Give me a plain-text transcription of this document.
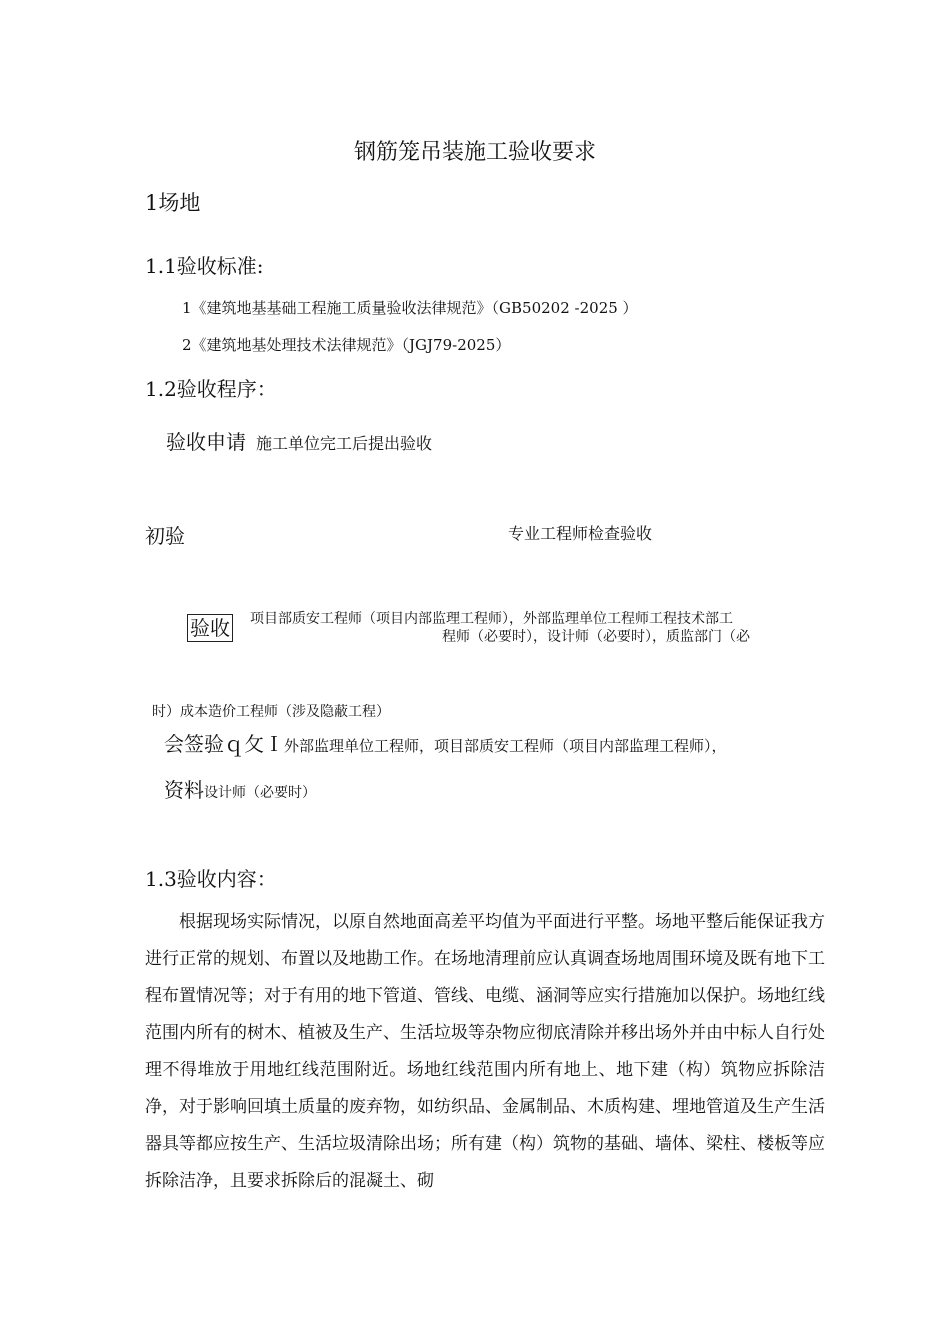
钢筋笼吊装施工验收要求
1场地
1.1验收标准:
1《建筑地基基础工程施工质量验收法律规范》（GB50202 -2025 ）
2《建筑地基处理技术法律规范》（JGJ79-2025）
1.2验收程序：
验收申请 施工单位完工后提出验收
初验	专业工程师检查验收
验收 项目部质安工程师（项目内部监理工程师），外部监理单位工程师工程技术部工
程师（必要时），设计师（必要时），质监部门（必
时）成本造价工程师（涉及隐蔽工程）
会签验ｑ攵Ｉ外部监理单位工程师，项目部质安工程师（项目内部监理工程师），
资料设计师（必要时）
1.3验收内容：

根据现场实际情况，以原自然地面高差平均值为平面进行平整。场地平整后能保证我方进行正常的规划、布置以及地勘工作。在场地清理前应认真调查场地周围环境及既有地下工程布置情况等；对于有用的地下管道、管线、电缆、涵洞等应实行措施加以保护。场地红线范围内所有的树木、植被及生产、生活垃圾等杂物应彻底清除并移出场外并由中标人自行处理不得堆放于用地红线范围附近。场地红线范围内所有地上、地下建（构）筑物应拆除洁净，对于影响回填土质量的废弃物，如纺织品、金属制品、木质构建、埋地管道及生产生活器具等都应按生产、生活垃圾清除出场；所有建（构）筑物的基础、墙体、梁柱、楼板等应拆除洁净，且要求拆除后的混凝土、砌
